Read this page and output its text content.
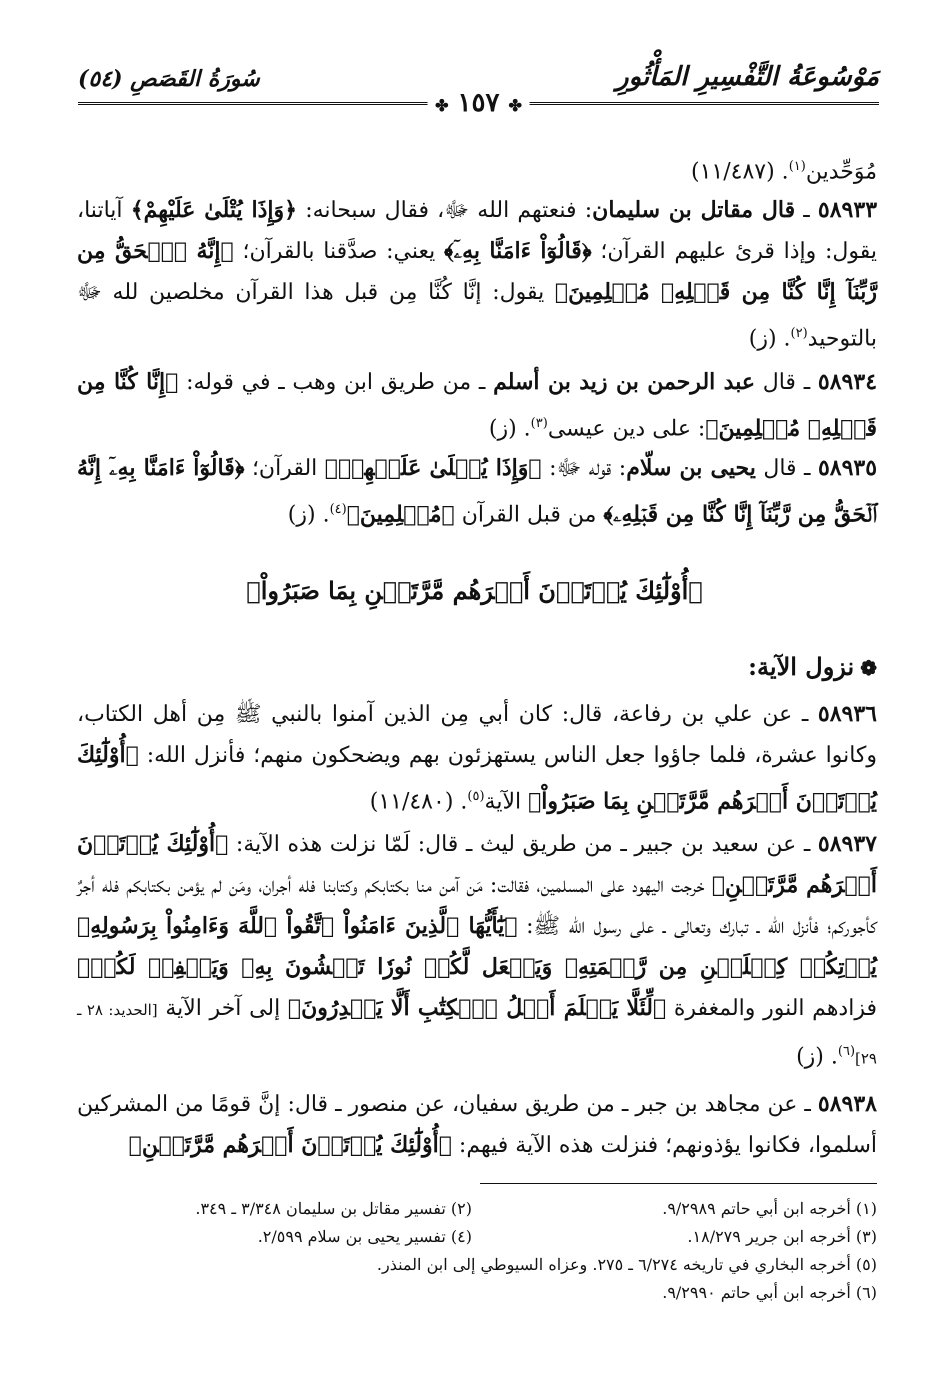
مَوْسُوعَةُ التَّفْسِيرِ المَأْثُورِ
سُورَةُ القَصَصِ (٥٤)
✤ ١٥٧ ✤
مُوَحِّدين$^{(١)}$. (١١/٤٨٧)
٥٨٩٣٣ ـ قال مقاتل بن سليمان: فنعتهم الله ﷻ، فقال سبحانه: ﴿وَإِذَا يُتْلَىٰ عَلَيْهِمْ﴾ آياتنا، يقول: وإذا قرئ عليهم القرآن؛ ﴿قَالُوٓاْ ءَامَنَّا بِهِۦٓ﴾ يعني: صدَّقنا بالقرآن؛ ﴿إِنَّهُ ٱلۡحَقُّ مِن رَّبِّنَآ إِنَّا كُنَّا مِن قَبۡلِهِۦ مُسۡلِمِينَ﴾ يقول: إنَّا كُنَّا مِن قبل هذا القرآن مخلصين لله ﷻ بالتوحيد$^{(٢)}$. (ز)
٥٨٩٣٤ ـ قال عبد الرحمن بن زيد بن أسلم ـ من طريق ابن وهب ـ في قوله: ﴿إِنَّا كُنَّا مِن قَبۡلِهِۦ مُسۡلِمِينَ﴾: على دين عيسى$^{(٣)}$. (ز)
٥٨٩٣٥ ـ قال يحيى بن سلّام: قوله ﷻ: ﴿وَإِذَا يُتۡلَىٰ عَلَيۡهِمۡ﴾ القرآن؛ ﴿قَالُوٓاْ ءَامَنَّا بِهِۦٓ إِنَّهُ ٱلۡحَقُّ مِن رَّبِّنَآ إِنَّا كُنَّا مِن قَبۡلِهِۦ﴾ من قبل القرآن ﴿مُسۡلِمِينَ﴾$^{(٤)}$. (ز)
﴿أُوْلَٰٓئِكَ يُؤۡتَوۡنَ أَجۡرَهُم مَّرَّتَيۡنِ بِمَا صَبَرُواْ﴾
❁نزول الآية:
٥٨٩٣٦ ـ عن علي بن رفاعة، قال: كان أبي مِن الذين آمنوا بالنبي ﷺ مِن أهل الكتاب، وكانوا عشرة، فلما جاؤوا جعل الناس يستهزئون بهم ويضحكون منهم؛ فأنزل الله: ﴿أُوْلَٰٓئِكَ يُؤۡتَوۡنَ أَجۡرَهُم مَّرَّتَيۡنِ بِمَا صَبَرُواْ﴾ الآية$^{(٥)}$. (١١/٤٨٠)
٥٨٩٣٧ ـ عن سعيد بن جبير ـ من طريق ليث ـ قال: لَمّا نزلت هذه الآية: ﴿أُوْلَٰٓئِكَ يُؤۡتَوۡنَ أَجۡرَهُم مَّرَّتَيۡنِ﴾ خرجت اليهود على المسلمين، فقالت: مَن آمن منا بكتابكم وكتابنا فله أجران، ومَن لم يؤمن بكتابكم فله أجرٌ كأجوركم؛ فأنزل الله ـ تبارك وتعالى ـ على رسول الله ﷺ: ﴿يَٰٓأَيُّهَا ٱلَّذِينَ ءَامَنُواْ ٱتَّقُواْ ٱللَّهَ وَءَامِنُواْ بِرَسُولِهِۦ يُؤۡتِكُمۡ كِفۡلَيۡنِ مِن رَّحۡمَتِهِۦ وَيَجۡعَل لَّكُمۡ نُورٗا تَمۡشُونَ بِهِۦ وَيَغۡفِرۡ لَكُمۡ﴾ فزادهم النور والمغفرة ﴿لِّئَلَّا يَعۡلَمَ أَهۡلُ ٱلۡكِتَٰبِ أَلَّا يَقۡدِرُونَ﴾ إلى آخر الآية [الحديد: ٢٨ ـ ٢٩]$^{(٦)}$. (ز)
٥٨٩٣٨ ـ عن مجاهد بن جبر ـ من طريق سفيان، عن منصور ـ قال: إنَّ قومًا من المشركين أسلموا، فكانوا يؤذونهم؛ فنزلت هذه الآية فيهم: ﴿أُوْلَٰٓئِكَ يُؤۡتَوۡنَ أَجۡرَهُم مَّرَّتَيۡنِ﴾
(١) أخرجه ابن أبي حاتم ٩/٢٩٨٩.
(٢) تفسير مقاتل بن سليمان ٣/٣٤٨ ـ ٣٤٩.
(٣) أخرجه ابن جرير ١٨/٢٧٩.
(٤) تفسير يحيى بن سلام ٢/٥٩٩.
(٥) أخرجه البخاري في تاريخه ٦/٢٧٤ ـ ٢٧٥. وعزاه السيوطي إلى ابن المنذر.
(٦) أخرجه ابن أبي حاتم ٩/٢٩٩٠.
